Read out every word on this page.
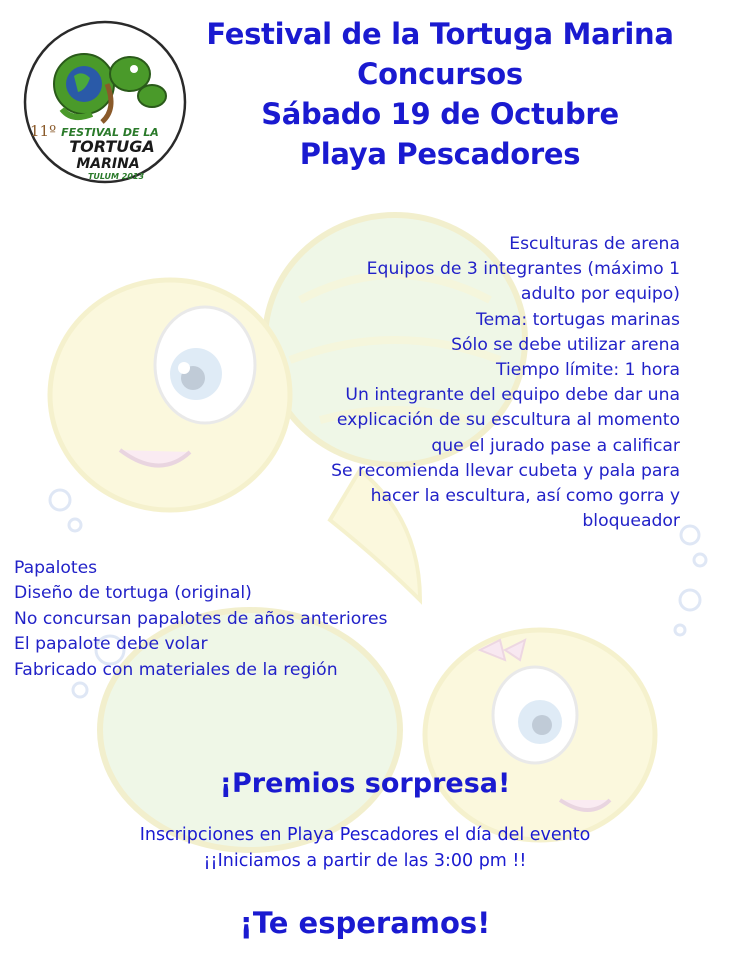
11º FESTIVAL DE LA
TORTUGA
MARINA
TULUM 2013
Festival de la Tortuga Marina
Concursos
Sábado 19 de Octubre
Playa Pescadores
Esculturas de arena
Equipos de 3 integrantes (máximo 1
adulto por equipo)
Tema: tortugas marinas
Sólo se debe utilizar arena
Tiempo límite: 1 hora
Un integrante del equipo debe dar una
explicación de su escultura al momento
que el jurado pase a calificar
Se recomienda llevar cubeta y pala para
hacer la escultura, así como gorra y
bloqueador
Papalotes
Diseño de tortuga (original)
No concursan papalotes de años anteriores
El papalote debe volar
Fabricado con materiales de la región
¡Premios sorpresa!
Inscripciones en Playa Pescadores el día del evento
¡¡Iniciamos a partir de las 3:00 pm !!
¡Te esperamos!
